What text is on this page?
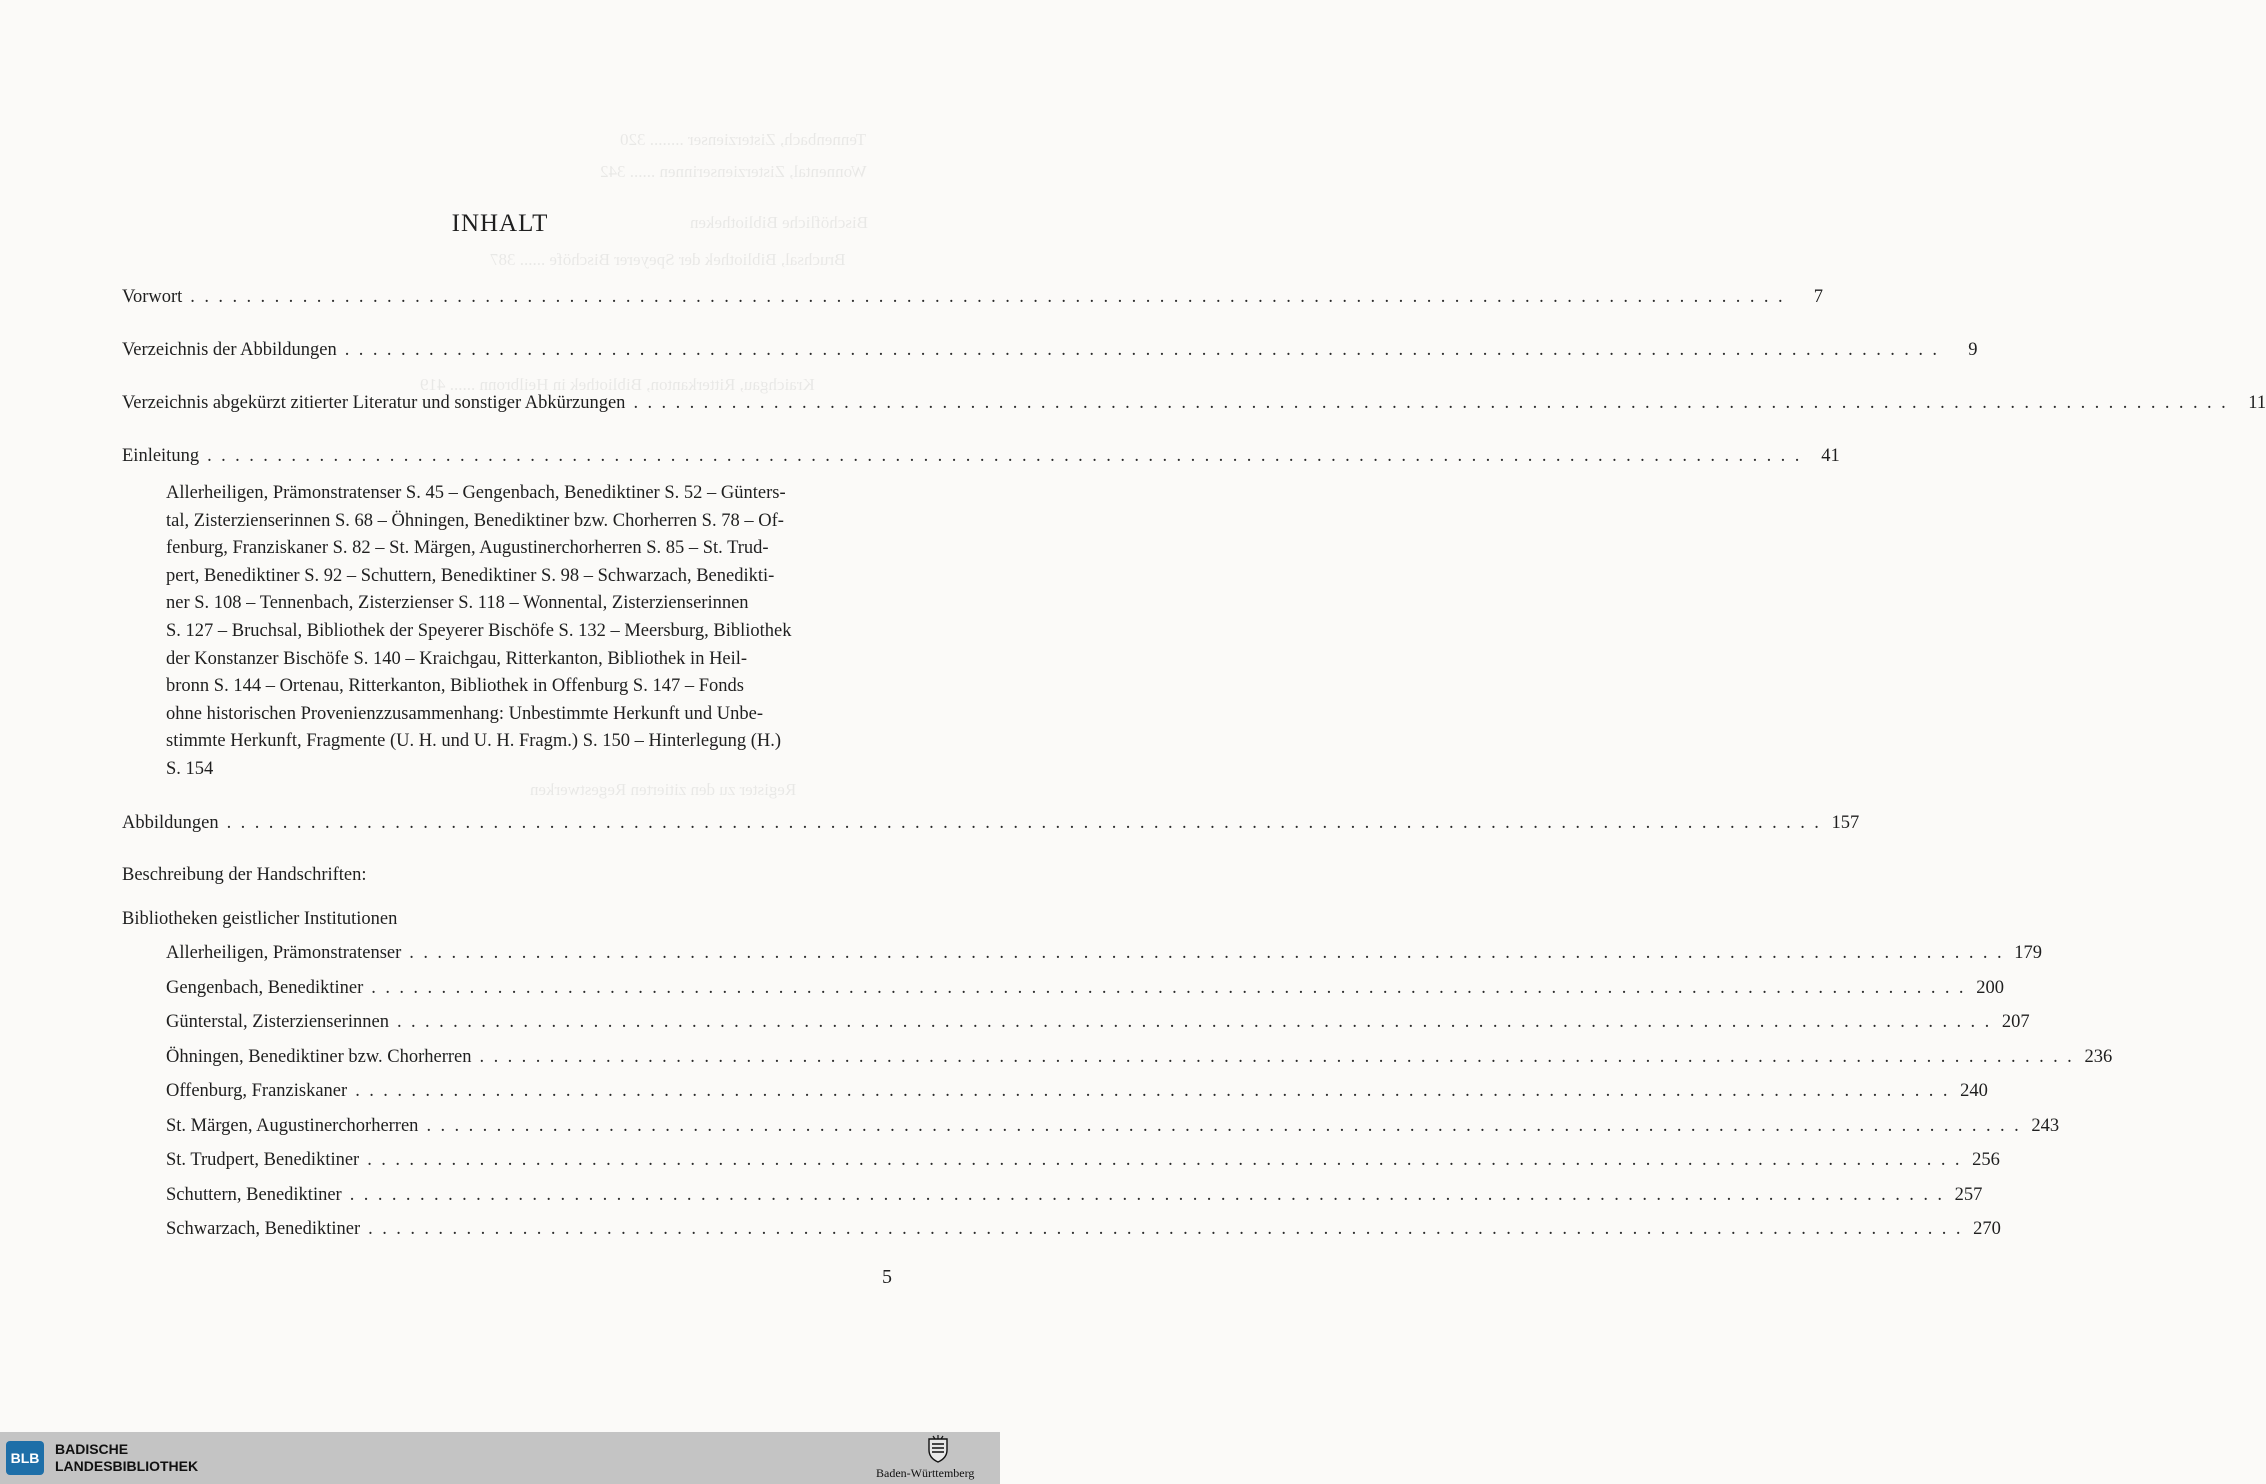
Tennenbach, Zisterzienser ........ 320
Wonnental, Zisterzienserinnen ...... 342
Bischöfliche Bibliotheken
Bruchsal, Bibliothek der Speyerer Bischöfe ...... 387
Kraichgau, Ritterkanton, Bibliothek in Heilbronn ...... 419
Register zu den zitierten Regestwerken
INHALT
Vorwort . . . . . . . . . . . . . . . . . . . . . . . . . . . . . . . . . . . . . . . . . . . . . . . . . . . . . . . . . . . . . . . . . . . . . . . . . . . . . . . . . . . . . . . . . . . . . . . . . . . . . . . . . . . . . . . . . .	7
Verzeichnis der Abbildungen . . . . . . . . . . . . . . . . . . . . . . . . . . . . . . . . . . . . . . . . . . . . . . . . . . . . . . . . . . . . . . . . . . . . . . . . . . . . . . . . . . . . . . . . . . . . . . . . . . . . . . . . . . . . . . . . . .	9
Verzeichnis abgekürzt zitierter Literatur und sonstiger Abkürzungen . . . . . . . . . . . . . . . . . . . . . . . . . . . . . . . . . . . . . . . . . . . . . . . . . . . . . . . . . . . . . . . . . . . . . . . . . . . . . . . . . . . . . . . . . . . . . . . . . . . . . . . . . . . . . . . . . .	11
Einleitung . . . . . . . . . . . . . . . . . . . . . . . . . . . . . . . . . . . . . . . . . . . . . . . . . . . . . . . . . . . . . . . . . . . . . . . . . . . . . . . . . . . . . . . . . . . . . . . . . . . . . . . . . . . . . . . . . .	41
Allerheiligen, Prämonstratenser S. 45 – Gengenbach, Benediktiner S. 52 – Günters-
tal, Zisterzienserinnen S. 68 – Öhningen, Benediktiner bzw. Chorherren S. 78 – Of-
fenburg, Franziskaner S. 82 – St. Märgen, Augustinerchorherren S. 85 – St. Trud-
pert, Benediktiner S. 92 – Schuttern, Benediktiner S. 98 – Schwarzach, Benedikti-
ner S. 108 – Tennenbach, Zisterzienser S. 118 – Wonnental, Zisterzienserinnen
S. 127 – Bruchsal, Bibliothek der Speyerer Bischöfe S. 132 – Meersburg, Bibliothek
der Konstanzer Bischöfe S. 140 – Kraichgau, Ritterkanton, Bibliothek in Heil-
bronn S. 144 – Ortenau, Ritterkanton, Bibliothek in Offenburg S. 147 – Fonds
ohne historischen Provenienzzusammenhang: Unbestimmte Herkunft und Unbe-
stimmte Herkunft, Fragmente (U. H. und U. H. Fragm.) S. 150 – Hinterlegung (H.)
S. 154
Abbildungen . . . . . . . . . . . . . . . . . . . . . . . . . . . . . . . . . . . . . . . . . . . . . . . . . . . . . . . . . . . . . . . . . . . . . . . . . . . . . . . . . . . . . . . . . . . . . . . . . . . . . . . . . . . . . . . . . . 157
Beschreibung der Handschriften:
Bibliotheken geistlicher Institutionen
Allerheiligen, Prämonstratenser . . . . . . . . . . . . . . . . . . . . . . . . . . . . . . . . . . . . . . . . . . . . . . . . . . . . . . . . . . . . . . . . . . . . . . . . . . . . . . . . . . . . . . . . . . . . . . . . . . . . . . . . . . . . . . . . . . 179
Gengenbach, Benediktiner . . . . . . . . . . . . . . . . . . . . . . . . . . . . . . . . . . . . . . . . . . . . . . . . . . . . . . . . . . . . . . . . . . . . . . . . . . . . . . . . . . . . . . . . . . . . . . . . . . . . . . . . . . . . . . . . . . 200
Günterstal, Zisterzienserinnen . . . . . . . . . . . . . . . . . . . . . . . . . . . . . . . . . . . . . . . . . . . . . . . . . . . . . . . . . . . . . . . . . . . . . . . . . . . . . . . . . . . . . . . . . . . . . . . . . . . . . . . . . . . . . . . . . . 207
Öhningen, Benediktiner bzw. Chorherren . . . . . . . . . . . . . . . . . . . . . . . . . . . . . . . . . . . . . . . . . . . . . . . . . . . . . . . . . . . . . . . . . . . . . . . . . . . . . . . . . . . . . . . . . . . . . . . . . . . . . . . . . . . . . . . . . . 236
Offenburg, Franziskaner . . . . . . . . . . . . . . . . . . . . . . . . . . . . . . . . . . . . . . . . . . . . . . . . . . . . . . . . . . . . . . . . . . . . . . . . . . . . . . . . . . . . . . . . . . . . . . . . . . . . . . . . . . . . . . . . . . 240
St. Märgen, Augustinerchorherren . . . . . . . . . . . . . . . . . . . . . . . . . . . . . . . . . . . . . . . . . . . . . . . . . . . . . . . . . . . . . . . . . . . . . . . . . . . . . . . . . . . . . . . . . . . . . . . . . . . . . . . . . . . . . . . . . . 243
St. Trudpert, Benediktiner . . . . . . . . . . . . . . . . . . . . . . . . . . . . . . . . . . . . . . . . . . . . . . . . . . . . . . . . . . . . . . . . . . . . . . . . . . . . . . . . . . . . . . . . . . . . . . . . . . . . . . . . . . . . . . . . . . 256
Schuttern, Benediktiner . . . . . . . . . . . . . . . . . . . . . . . . . . . . . . . . . . . . . . . . . . . . . . . . . . . . . . . . . . . . . . . . . . . . . . . . . . . . . . . . . . . . . . . . . . . . . . . . . . . . . . . . . . . . . . . . . . 257
Schwarzach, Benediktiner . . . . . . . . . . . . . . . . . . . . . . . . . . . . . . . . . . . . . . . . . . . . . . . . . . . . . . . . . . . . . . . . . . . . . . . . . . . . . . . . . . . . . . . . . . . . . . . . . . . . . . . . . . . . . . . . . . 270
5
BLB
BADISCHE
LANDESBIBLIOTHEK	Baden-Württemberg
